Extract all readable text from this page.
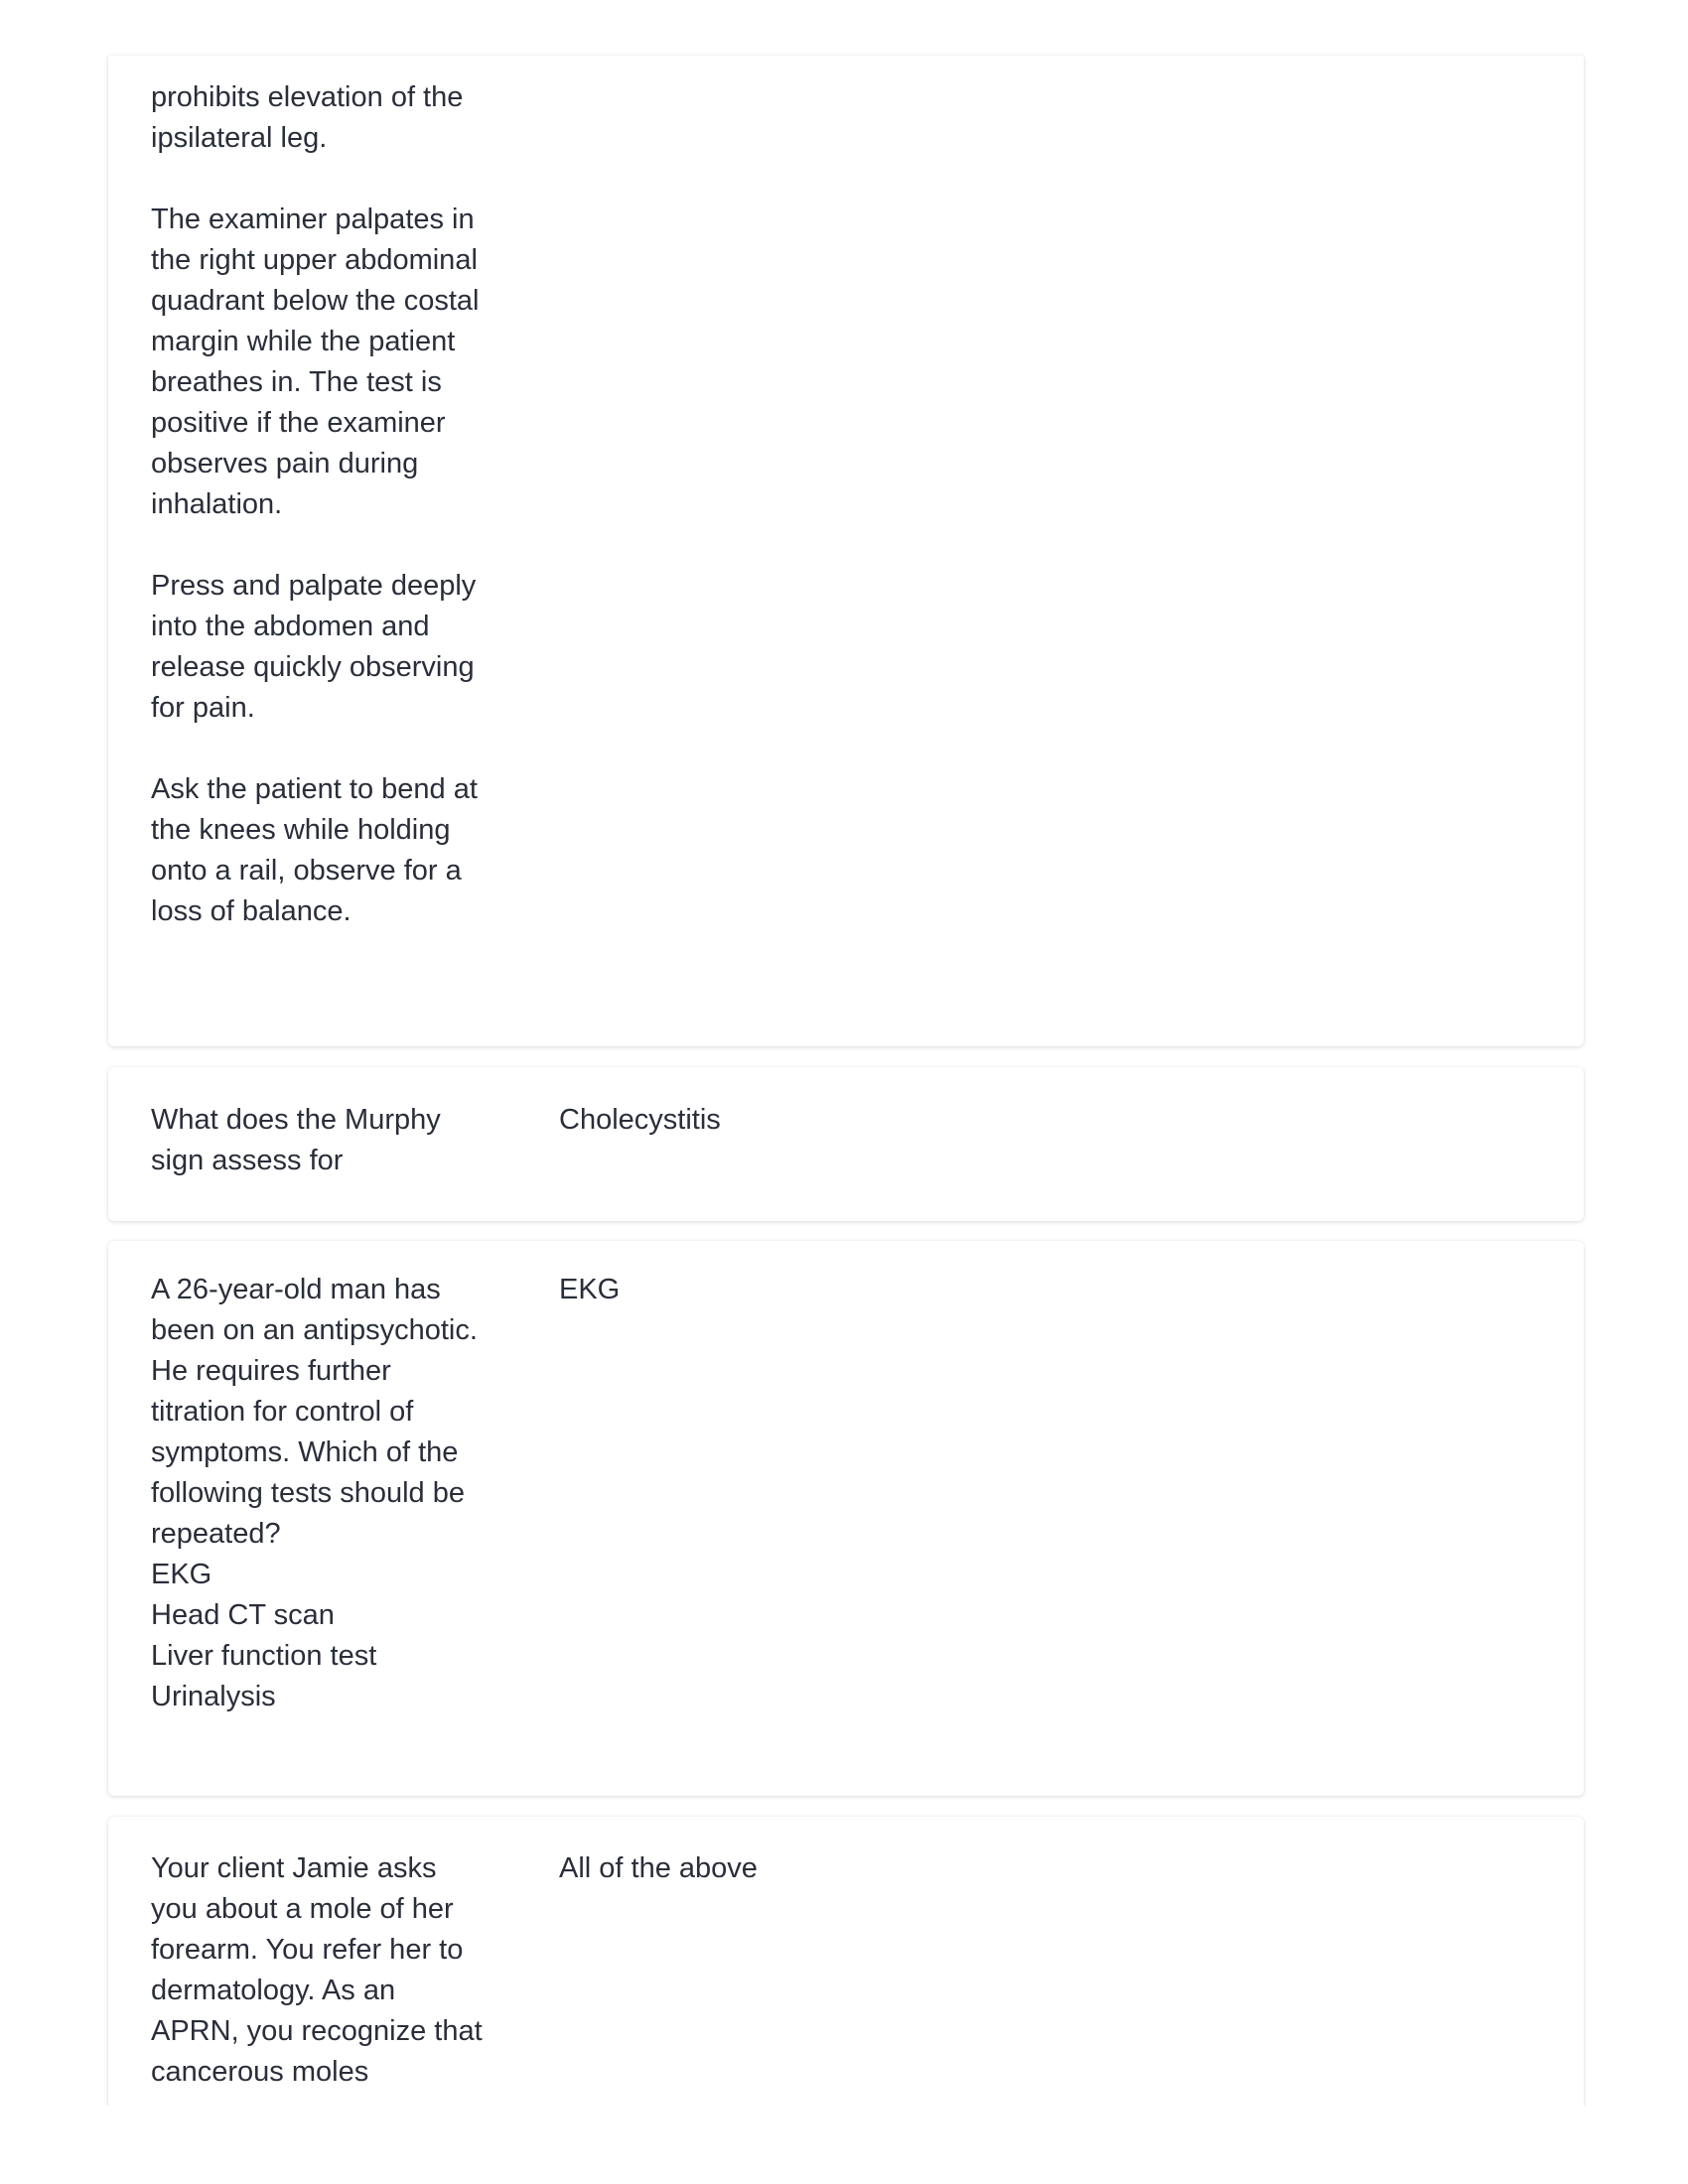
prohibits elevation of the ipsilateral leg.

The examiner palpates in the right upper abdominal quadrant below the costal margin while the patient breathes in. The test is positive if the examiner observes pain during inhalation.

Press and palpate deeply into the abdomen and release quickly observing for pain.

Ask the patient to bend at the knees while holding onto a rail, observe for a loss of balance.

What does the Murphy sign assess for

Cholecystitis

A 26-year-old man has been on an antipsychotic. He requires further titration for control of symptoms. Which of the following tests should be repeated?
EKG
Head CT scan
Liver function test
Urinalysis

EKG

Your client Jamie asks you about a mole of her forearm. You refer her to dermatology. As an APRN, you recognize that cancerous moles

All of the above
